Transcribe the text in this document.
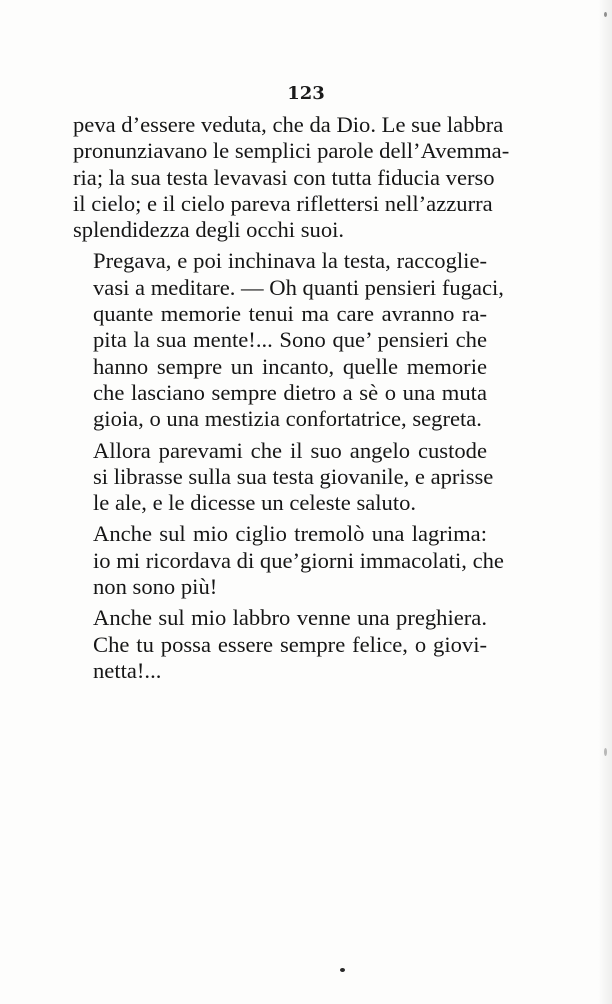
123

peva d’essere veduta, che da Dio. Le sue labbra
pronunziavano le semplici parole dell’Avemma-
ria; la sua testa levavasi con tutta fiducia verso
il cielo; e il cielo pareva riflettersi nell’azzurra
splendidezza degli occhi suoi.

Pregava, e poi inchinava la testa, raccoglie-
vasi a meditare. — Oh quanti pensieri fugaci,
quante memorie tenui ma care avranno ra-
pita la sua mente!... Sono que’ pensieri che
hanno sempre un incanto, quelle memorie
che lasciano sempre dietro a sè o una muta
gioia, o una mestizia confortatrice, segreta.

Allora parevami che il suo angelo custode
si librasse sulla sua testa giovanile, e aprisse
le ale, e le dicesse un celeste saluto.

Anche sul mio ciglio tremolò una lagrima:
io mi ricordava di que’giorni immacolati, che
non sono più!

Anche sul mio labbro venne una preghiera.
Che tu possa essere sempre felice, o giovi-
netta!...
